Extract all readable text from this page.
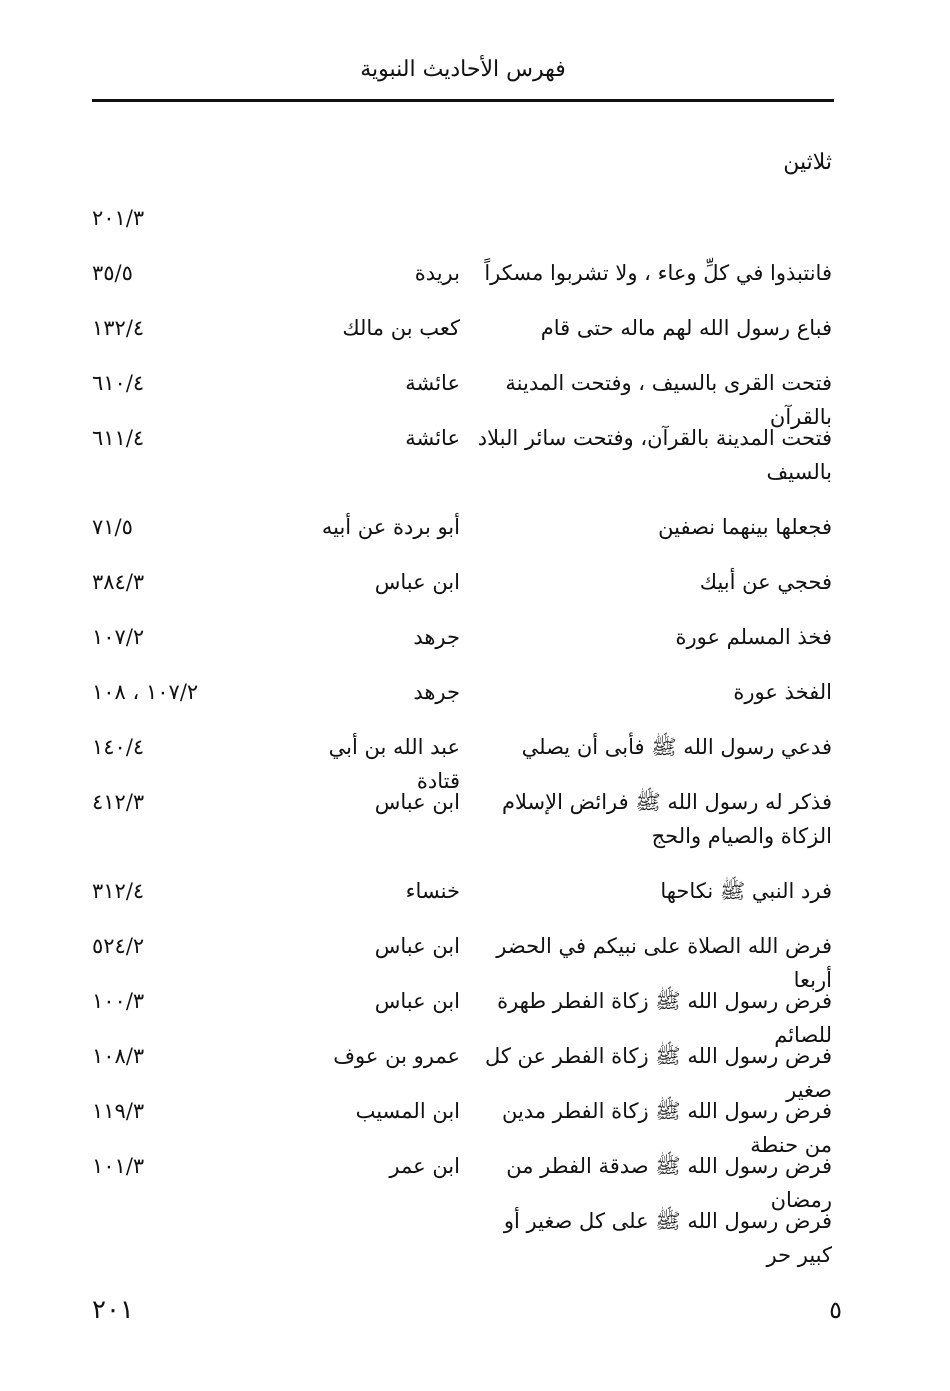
فهرس الأحاديث النبوية
ثلاثين
٢٠١/٣
فانتبذوا في كلِّ وعاء ، ولا تشربوا مسكراً
بريدة
٣٥/٥
فباع رسول الله لهم ماله حتى قام
كعب بن مالك
١٣٢/٤
فتحت القرى بالسيف ، وفتحت المدينة بالقرآن
عائشة
٦١٠/٤
فتحت المدينة بالقرآن، وفتحت سائر البلاد بالسيف
عائشة
٦١١/٤
فجعلها بينهما نصفين
أبو بردة عن أبيه
٧١/٥
فحجي عن أبيك
ابن عباس
٣٨٤/٣
فخذ المسلم عورة
جرهد
١٠٧/٢
الفخذ عورة
جرهد
١٠٧/٢ ، ١٠٨
فدعي رسول الله ﷺ فأبى أن يصلي
عبد الله بن أبي قتادة
١٤٠/٤
فذكر له رسول الله ﷺ فرائض الإسلام الزكاة والصيام والحج
ابن عباس
٤١٢/٣
فرد النبي ﷺ نكاحها
خنساء
٣١٢/٤
فرض الله الصلاة على نبيكم في الحضر أربعا
ابن عباس
٥٢٤/٢
فرض رسول الله ﷺ زكاة الفطر طهرة للصائم
ابن عباس
١٠٠/٣
فرض رسول الله ﷺ زكاة الفطر عن كل صغير
عمرو بن عوف
١٠٨/٣
فرض رسول الله ﷺ زكاة الفطر مدين من حنطة
ابن المسيب
١١٩/٣
فرض رسول الله ﷺ صدقة الفطر من رمضان
ابن عمر
١٠١/٣
فرض رسول الله ﷺ على كل صغير أو كبير حر
٢٠١	٥
